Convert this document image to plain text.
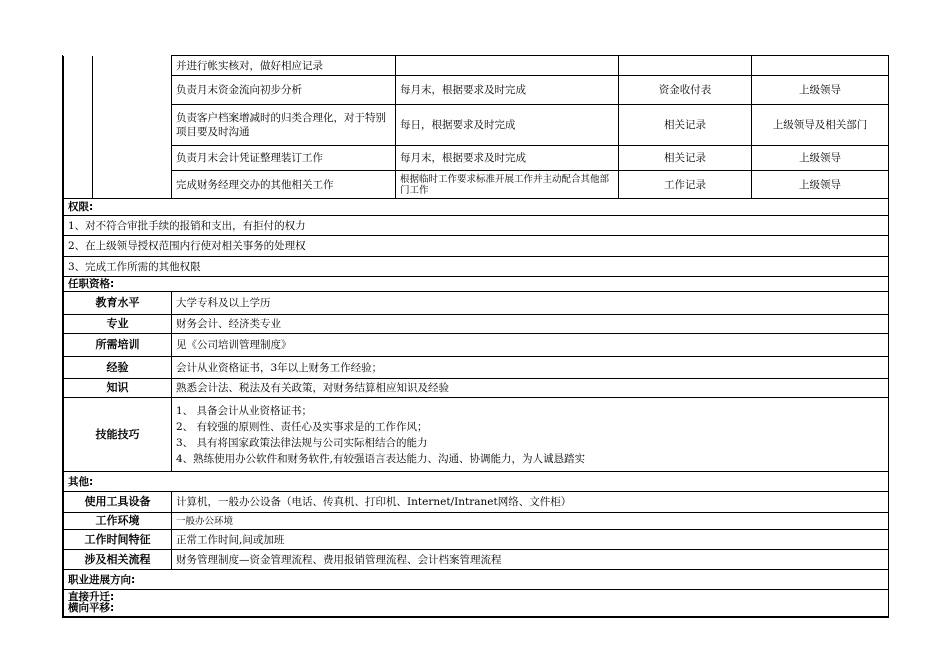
		并进行帐实核对，做好相应记录			
		负责月末资金流向初步分析	每月末，根据要求及时完成	资金收付表	上级领导
		负责客户档案增减时的归类合理化，对于特别项目要及时沟通	每日，根据要求及时完成	相关记录	上级领导及相关部门
		负责月末会计凭证整理装订工作	每月末，根据要求及时完成	相关记录	上级领导
		完成财务经理交办的其他相关工作	根据临时工作要求标准开展工作并主动配合其他部门工作	工作记录	上级领导
权限:					
1、对不符合审批手续的报销和支出，有拒付的权力					
2、在上级领导授权范围内行使对相关事务的处理权					
3、完成工作所需的其他权限					
任职资格:					
教育水平		大学专科及以上学历			
专业		财务会计、经济类专业			
所需培训		见《公司培训管理制度》			
经验		会计从业资格证书，3年以上财务工作经验；			
知识		熟悉会计法、税法及有关政策，对财务结算相应知识及经验			
技能技巧		1、 具备会计从业资格证书；
2、 有较强的原则性、责任心及实事求是的工作作风；
3、 具有将国家政策法律法规与公司实际相结合的能力
4、熟练使用办公软件和财务软件,有较强语言表达能力、沟通、协调能力，为人诚恳踏实			

其他:					
使用工具设备		计算机，一般办公设备（电话、传真机、打印机、Internet/Intranet网络、文件柜）			
工作环境		一般办公环境			
工作时间特征		正常工作时间,间或加班			
涉及相关流程		财务管理制度—资金管理流程、费用报销管理流程、会计档案管理流程			
职业进展方向:					

直接升迁:
横向平移:					
